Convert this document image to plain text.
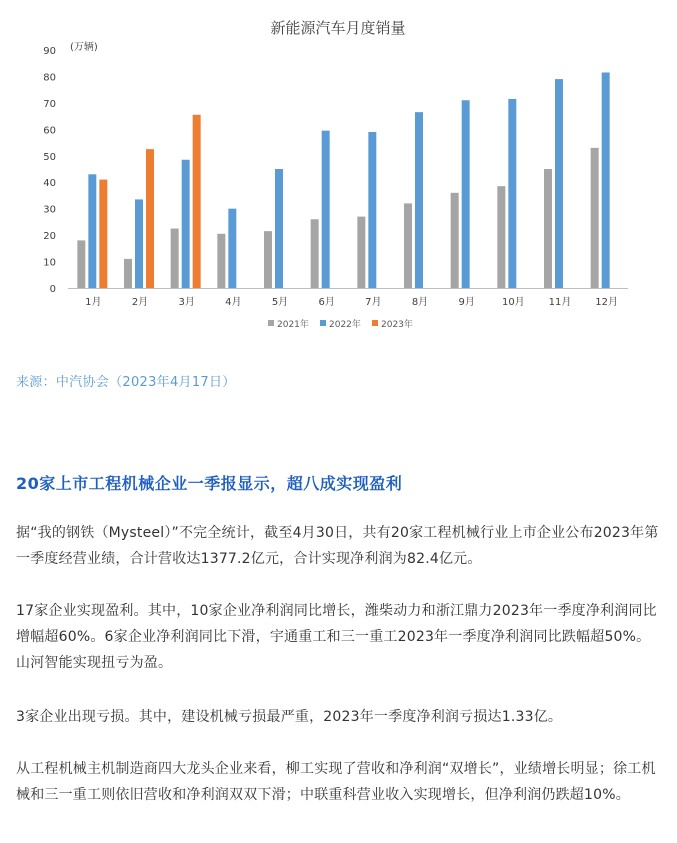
新能源汽车月度销量
(万辆)
0
10
20
30
40
50
60
70
80
90
1月	2月	3月	4月	5月	6月	7月	8月	9月	10月 11月 12月
2021年 2022年 2023年
来源：中汽协会（2023年4月17日）
20家上市工程机械企业一季报显示，超八成实现盈利
据“我的钢铁（Mysteel）”不完全统计，截至4月30日，共有20家工程机械行业上市企业公布2023年第一季度经营业绩，合计营收达1377.2亿元，合计实现净利润为82.4亿元。
17家企业实现盈利。其中，10家企业净利润同比增长，潍柴动力和浙江鼎力2023年一季度净利润同比增幅超60%。6家企业净利润同比下滑，宇通重工和三一重工2023年一季度净利润同比跌幅超50%。山河智能实现扭亏为盈。
3家企业出现亏损。其中，建设机械亏损最严重，2023年一季度净利润亏损达1.33亿。
从工程机械主机制造商四大龙头企业来看，柳工实现了营收和净利润“双增长”，业绩增长明显；徐工机械和三一重工则依旧营收和净利润双双下滑；中联重科营业收入实现增长，但净利润仍跌超10%。
